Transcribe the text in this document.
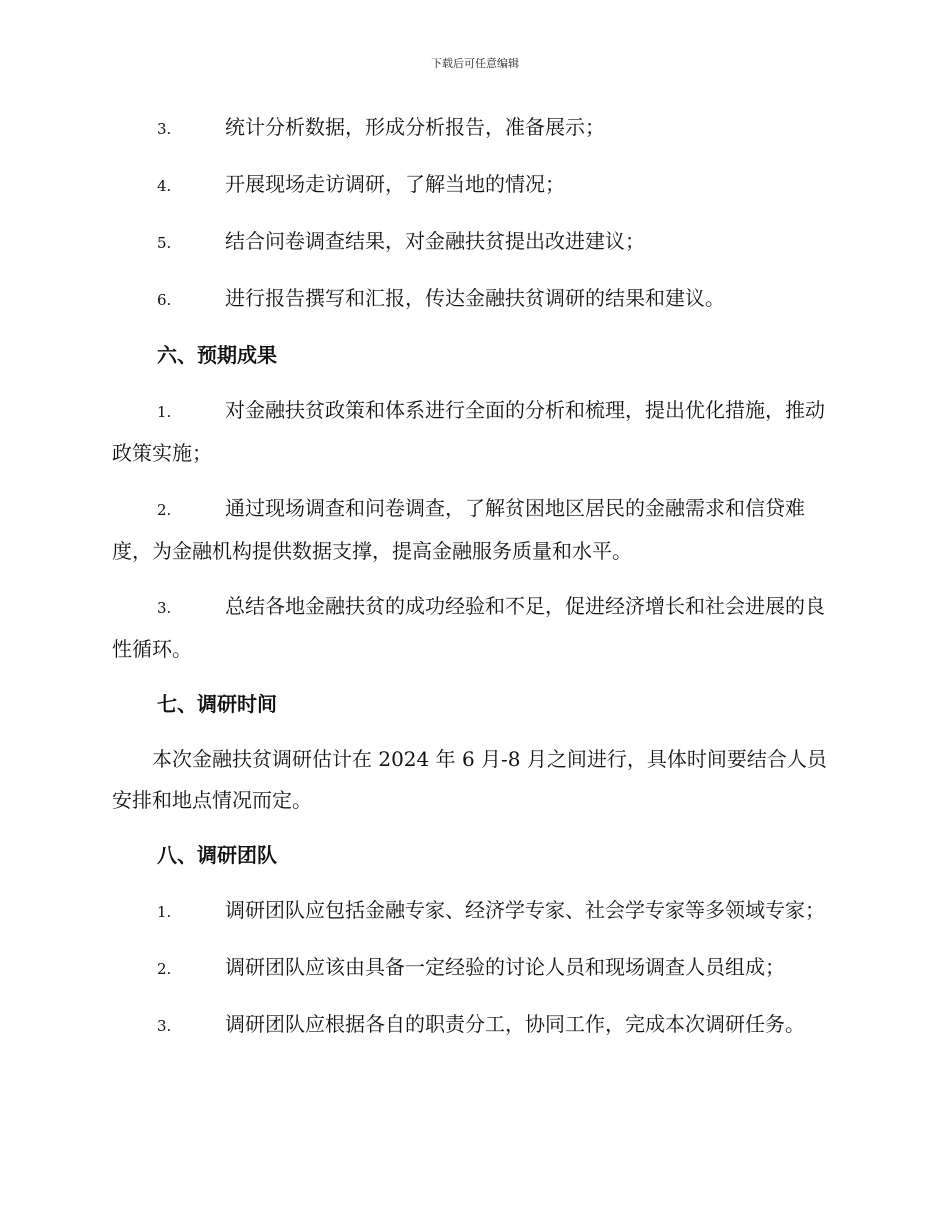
下载后可任意编辑

3.	统计分析数据，形成分析报告，准备展示；

4.	开展现场走访调研，了解当地的情况；

5.	结合问卷调查结果，对金融扶贫提出改进建议；

6.	进行报告撰写和汇报，传达金融扶贫调研的结果和建议。

六、预期成果

1.	对金融扶贫政策和体系进行全面的分析和梳理，提出优化措施，推动政策实施；

2.	通过现场调查和问卷调查，了解贫困地区居民的金融需求和信贷难度，为金融机构提供数据支撑，提高金融服务质量和水平。

3.	总结各地金融扶贫的成功经验和不足，促进经济增长和社会进展的良性循环。

七、调研时间

本次金融扶贫调研估计在 2024 年 6 月-8 月之间进行，具体时间要结合人员安排和地点情况而定。

八、调研团队

1.	调研团队应包括金融专家、经济学专家、社会学专家等多领域专家；

2.	调研团队应该由具备一定经验的讨论人员和现场调查人员组成；

3.	调研团队应根据各自的职责分工，协同工作，完成本次调研任务。
